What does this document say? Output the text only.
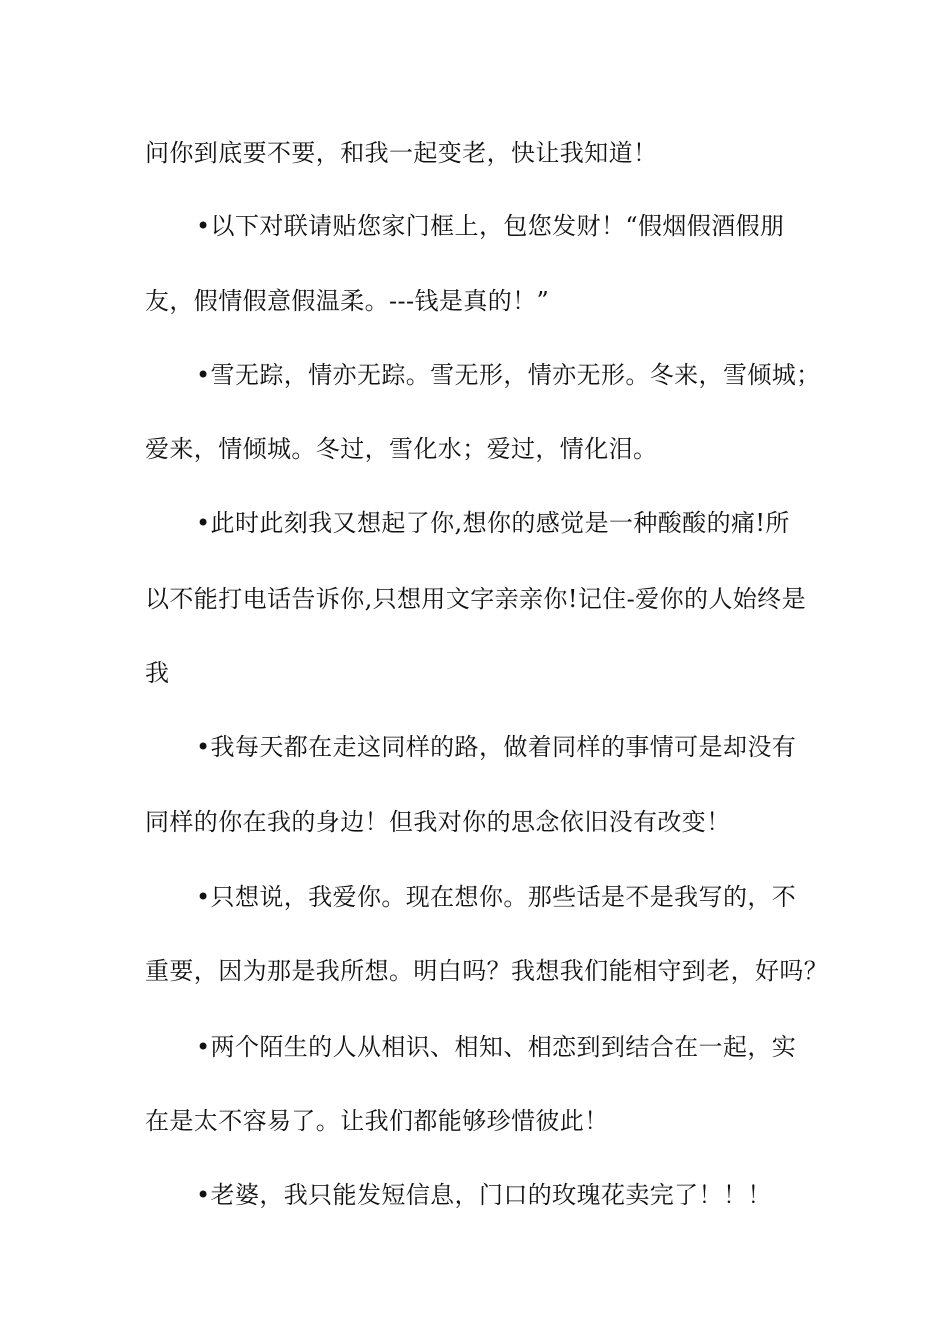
问你到底要不要，和我一起变老，快让我知道！
•以下对联请贴您家门框上，包您发财！“假烟假酒假朋
友，假情假意假温柔。---钱是真的！”
•雪无踪，情亦无踪。雪无形，情亦无形。冬来，雪倾城；
爱来，情倾城。冬过，雪化水；爱过，情化泪。
•此时此刻我又想起了你,想你的感觉是一种酸酸的痛!所
以不能打电话告诉你,只想用文字亲亲你!记住-爱你的人始终是
我
•我每天都在走这同样的路，做着同样的事情可是却没有
同样的你在我的身边！但我对你的思念依旧没有改变！
•只想说，我爱你。现在想你。那些话是不是我写的，不
重要，因为那是我所想。明白吗？我想我们能相守到老，好吗？
•两个陌生的人从相识、相知、相恋到到结合在一起，实
在是太不容易了。让我们都能够珍惜彼此！
•老婆，我只能发短信息，门口的玫瑰花卖完了！！！
